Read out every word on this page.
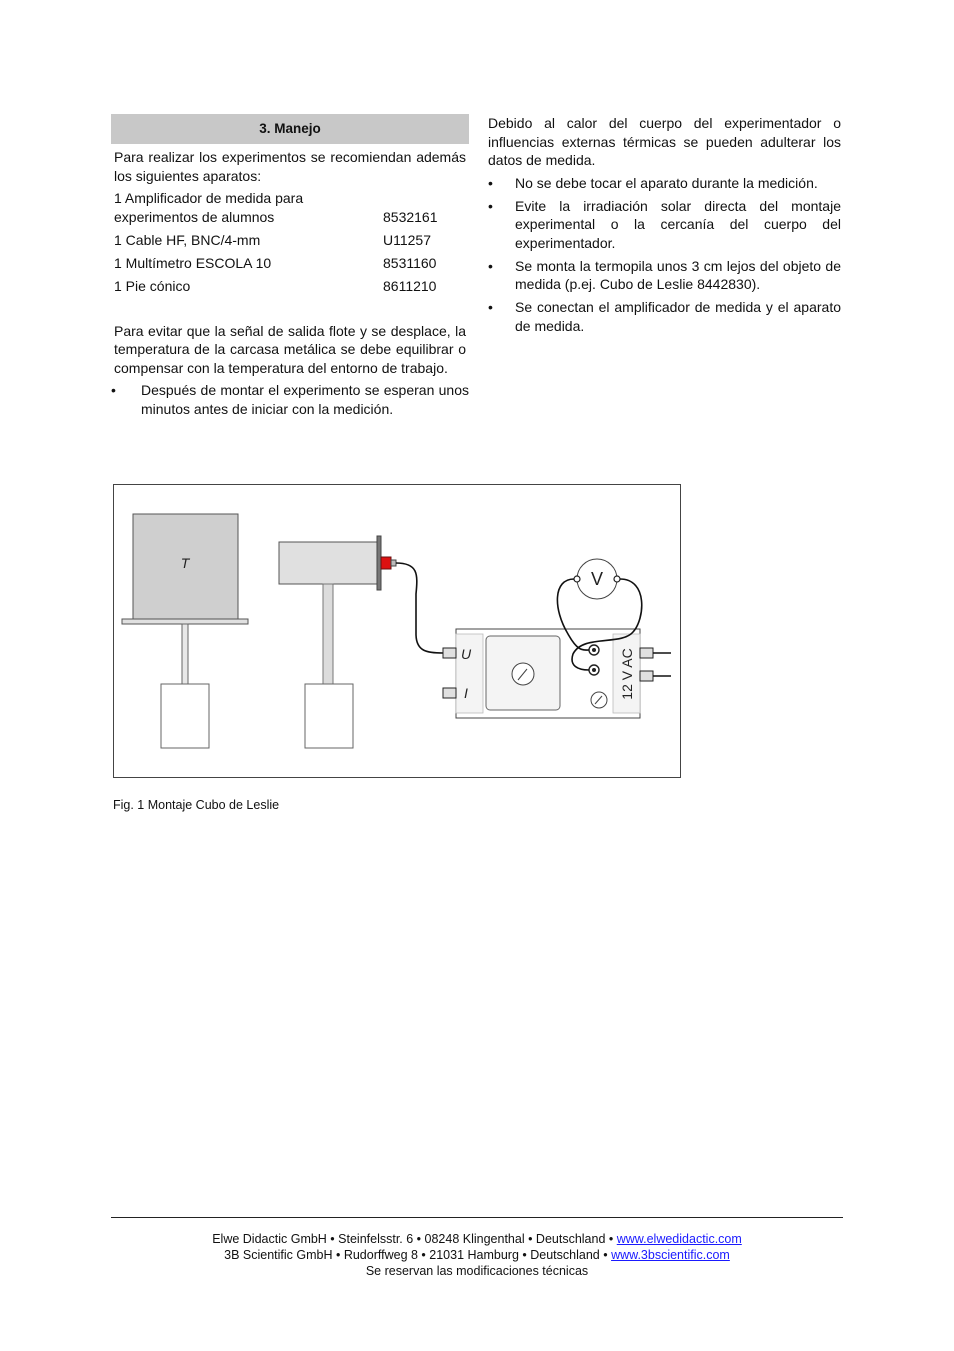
3. Manejo
Para realizar los experimentos se recomiendan además los siguientes aparatos:
1 Amplificador de medida para experimentos de alumnos	8532161
1 Cable HF, BNC/4-mm	U11257
1 Multímetro ESCOLA 10	8531160
1 Pie cónico	8611210
Para evitar que la señal de salida flote y se desplace, la temperatura de la carcasa metálica se debe equilibrar o compensar con la temperatura del entorno de trabajo.
• Después de montar el experimento se esperan unos minutos antes de iniciar con la medición.
Debido al calor del cuerpo del experimentador o influencias externas térmicas se pueden adulterar los datos de medida.
• No se debe tocar el aparato durante la medición.
• Evite la irradiación solar directa del montaje experimental o la cercanía del cuerpo del experimentador.
• Se monta la termopila unos 3 cm lejos del objeto de medida (p.ej. Cubo de Leslie 8442830).
• Se conectan el amplificador de medida y el aparato de medida.
T
U
I	12 V AC
V
Fig. 1 Montaje Cubo de Leslie
Elwe Didactic GmbH • Steinfelsstr. 6 • 08248 Klingenthal • Deutschland • www.elwedidactic.com
3B Scientific GmbH • Rudorffweg 8 • 21031 Hamburg • Deutschland • www.3bscientific.com
Se reservan las modificaciones técnicas
